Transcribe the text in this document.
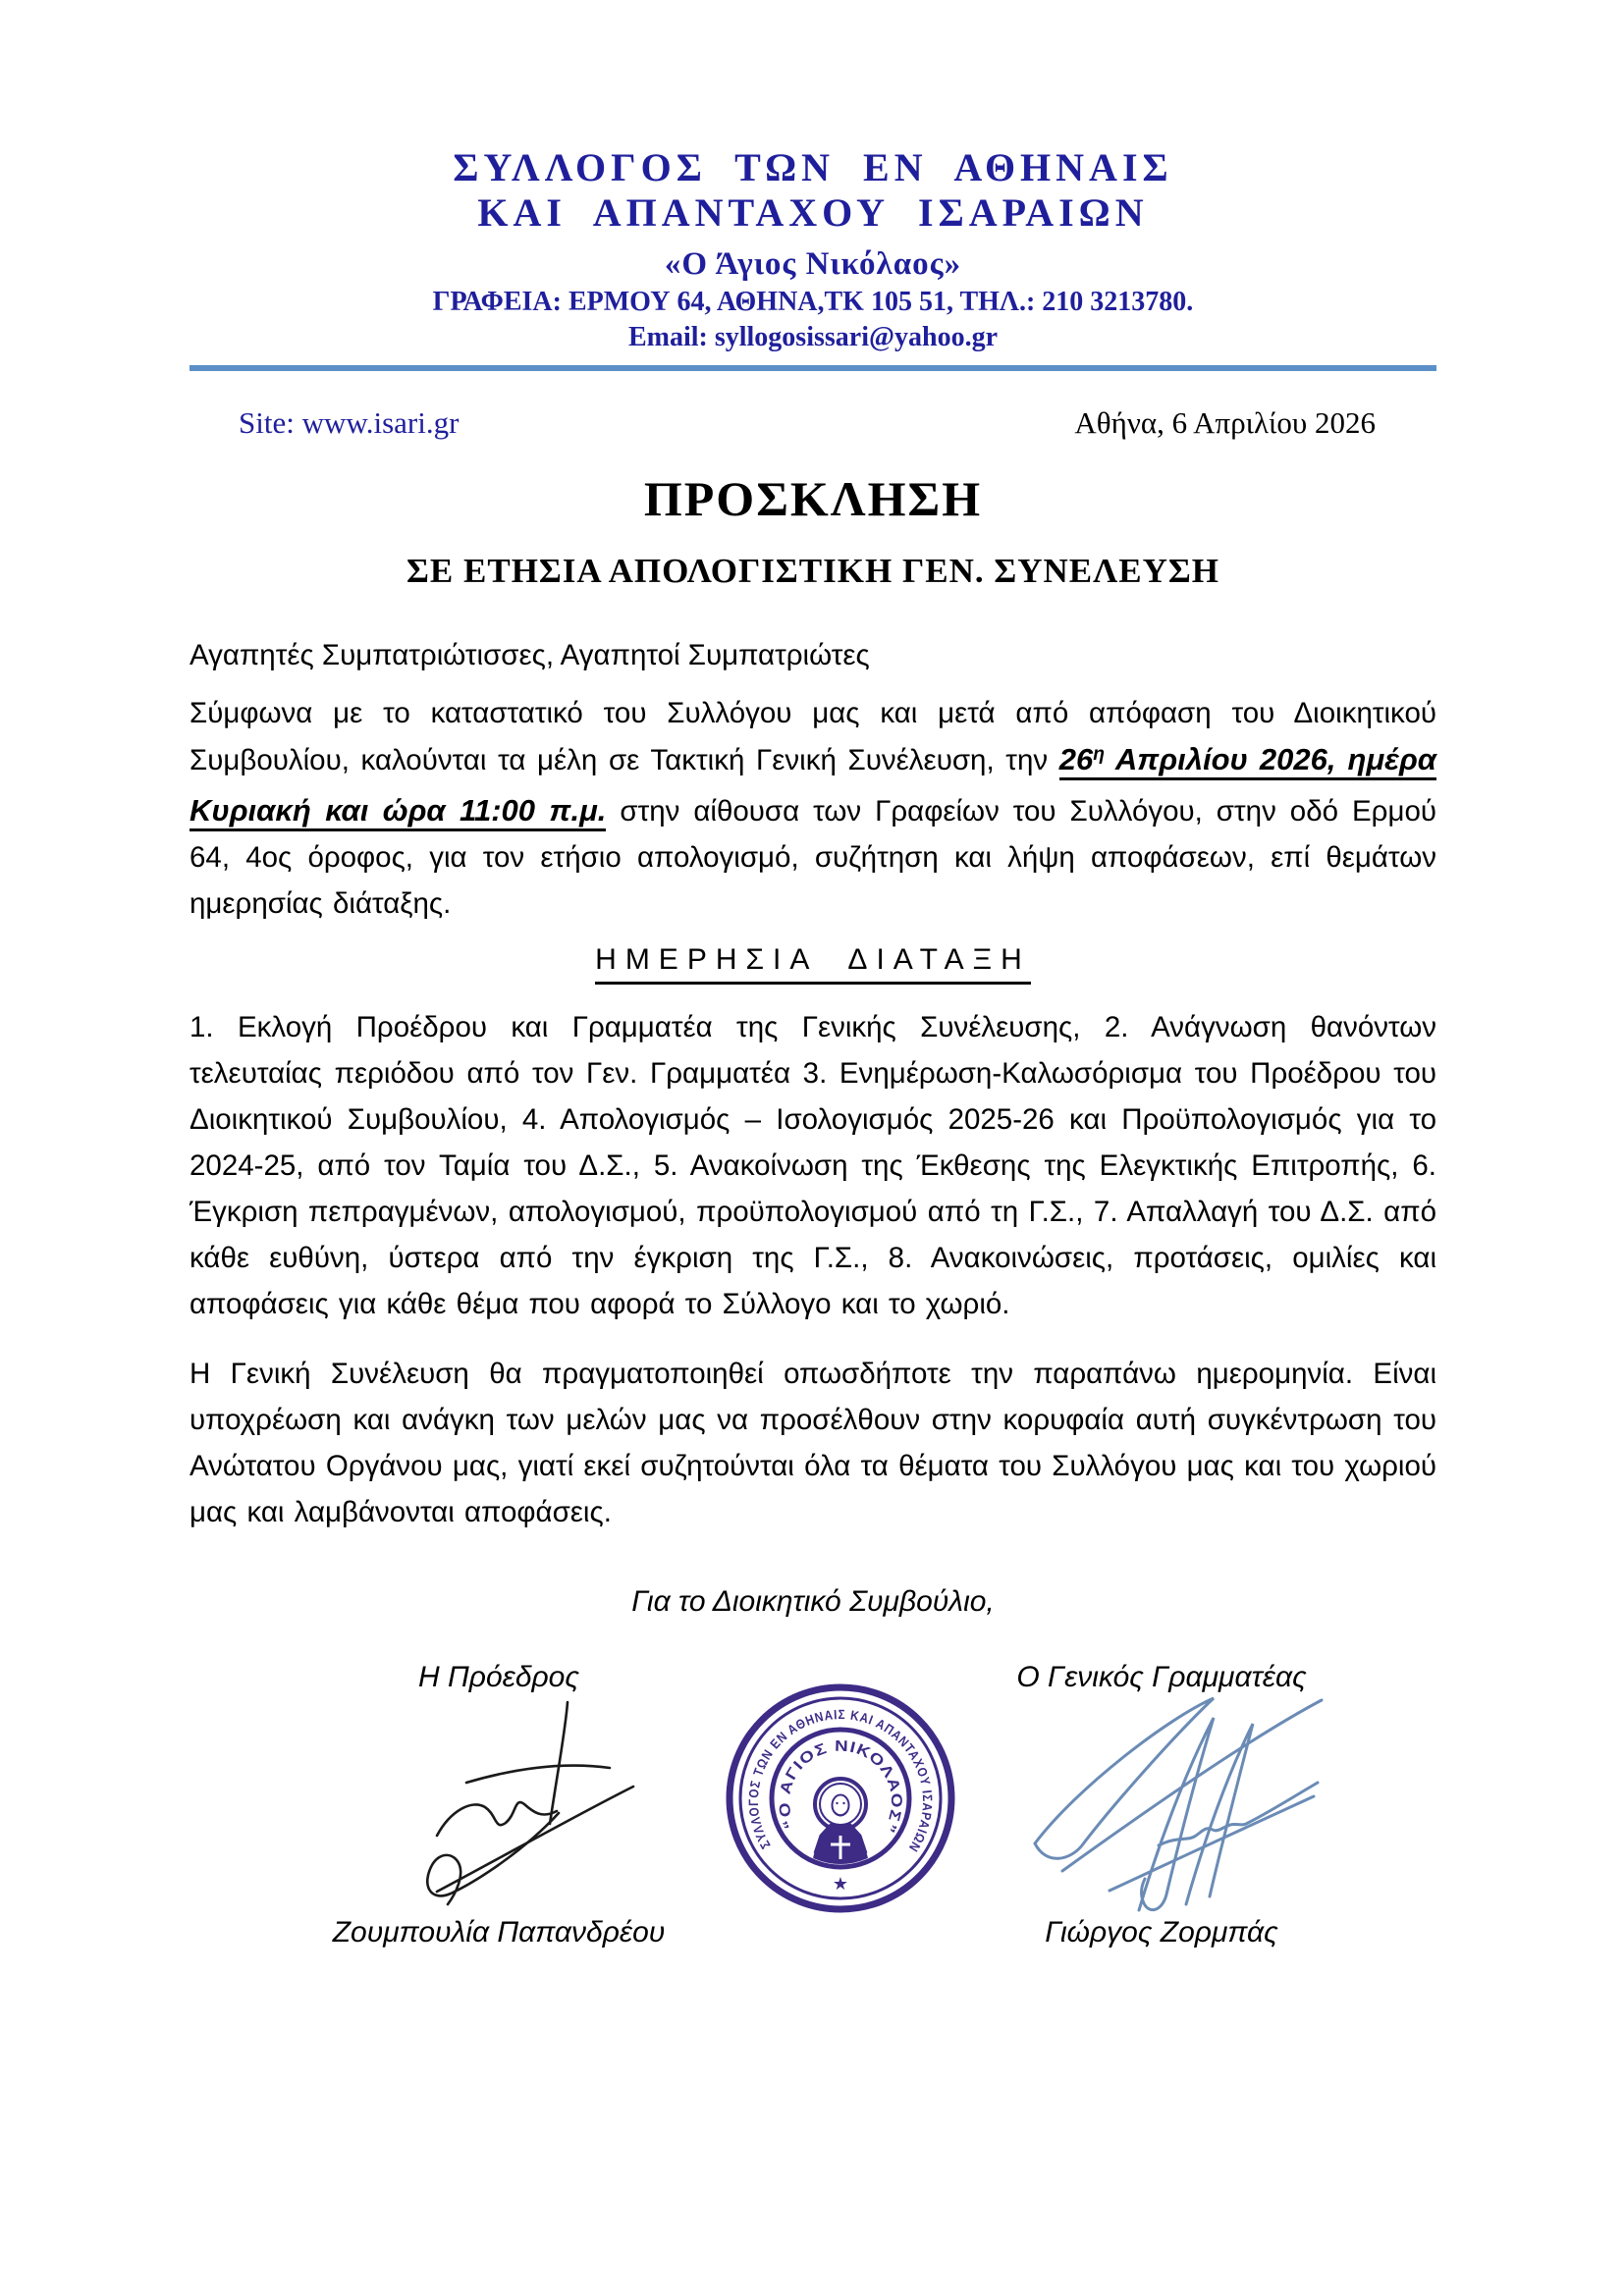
ΣΥΛΛΟΓΟΣ ΤΩΝ ΕΝ ΑΘΗΝΑΙΣ
ΚΑΙ ΑΠΑΝΤΑΧΟΥ ΙΣΑΡΑΙΩΝ
«Ο Άγιος Νικόλαος»
ΓΡΑΦΕΙΑ: ΕΡΜΟΥ 64, ΑΘΗΝΑ,ΤΚ 105 51, ΤΗΛ.: 210 3213780.
Email: syllogosissari@yahoo.gr
Site: www.isari.gr	Αθήνα, 6 Απριλίου 2026
ΠΡΟΣΚΛΗΣΗ
ΣΕ ΕΤΗΣΙΑ ΑΠΟΛΟΓΙΣΤΙΚΗ ΓΕΝ. ΣΥΝΕΛΕΥΣΗ
Αγαπητές Συμπατριώτισσες, Αγαπητοί Συμπατριώτες
Σύμφωνα με το καταστατικό του Συλλόγου μας και μετά από απόφαση του Διοικητικού Συμβουλίου, καλούνται τα μέλη σε Τακτική Γενική Συνέλευση, την $26^\eta$ Απριλίου 2026, ημέρα Κυριακή και ώρα 11:00 π.μ. στην αίθουσα των Γραφείων του Συλλόγου, στην οδό Ερμού 64, 4ος όροφος, για τον ετήσιο απολογισμό, συζήτηση και λήψη αποφάσεων, επί θεμάτων ημερησίας διάταξης.
ΗΜΕΡΗΣΙΑ ΔΙΑΤΑΞΗ
1. Εκλογή Προέδρου και Γραμματέα της Γενικής Συνέλευσης, 2. Ανάγνωση θανόντων τελευταίας περιόδου από τον Γεν. Γραμματέα 3. Ενημέρωση-Καλωσόρισμα του Προέδρου του Διοικητικού Συμβουλίου, 4. Απολογισμός – Ισολογισμός 2025-26 και Προϋπολογισμός για το 2024-25, από τον Ταμία του Δ.Σ., 5. Ανακοίνωση της Έκθεσης της Ελεγκτικής Επιτροπής, 6. Έγκριση πεπραγμένων, απολογισμού, προϋπολογισμού από τη Γ.Σ., 7. Απαλλαγή του Δ.Σ. από κάθε ευθύνη, ύστερα από την έγκριση της Γ.Σ., 8. Ανακοινώσεις, προτάσεις, ομιλίες και αποφάσεις για κάθε θέμα που αφορά το Σύλλογο και το χωριό.
Η Γενική Συνέλευση θα πραγματοποιηθεί οπωσδήποτε την παραπάνω ημερομηνία. Είναι υποχρέωση και ανάγκη των μελών μας να προσέλθουν στην κορυφαία αυτή συγκέντρωση του Ανώτατου Οργάνου μας, γιατί εκεί συζητούνται όλα τα θέματα του Συλλόγου μας και του χωριού μας και λαμβάνονται αποφάσεις.
Για το Διοικητικό Συμβούλιο,
Η Πρόεδρος	Ο Γενικός Γραμματέας
ΣΥΛΛΟΓΟΣ ΤΩΝ ΕΝ ΑΘΗΝΑΙΣ ΚΑΙ ΑΠΑΝΤΑΧΟΥ ΙΣΑΡΑΙΩΝ
“Ο ΑΓΙΟΣ ΝΙΚΟΛΑΟΣ”
★
Ζουμπουλία Παπανδρέου	Γιώργος Ζορμπάς
